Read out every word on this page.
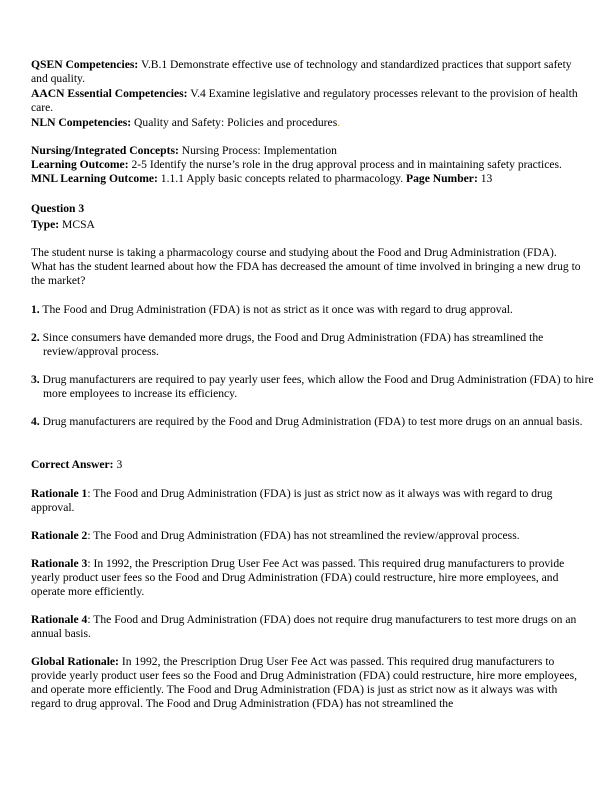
QSEN Competencies: V.B.1 Demonstrate effective use of technology and standardized practices that support safety and quality.

AACN Essential Competencies: V.4 Examine legislative and regulatory processes relevant to the provision of health care.

NLN Competencies: Quality and Safety: Policies and procedures.

Nursing/Integrated Concepts: Nursing Process: Implementation

Learning Outcome: 2-5 Identify the nurse’s role in the drug approval process and in maintaining safety practices. MNL Learning Outcome: 1.1.1 Apply basic concepts related to pharmacology. Page Number: 13

Question 3

Type: MCSA

The student nurse is taking a pharmacology course and studying about the Food and Drug Administration (FDA). What has the student learned about how the FDA has decreased the amount of time involved in bringing a new drug to the market?

1. The Food and Drug Administration (FDA) is not as strict as it once was with regard to drug approval.

2. Since consumers have demanded more drugs, the Food and Drug Administration (FDA) has streamlined the review/approval process.

3. Drug manufacturers are required to pay yearly user fees, which allow the Food and Drug Administration (FDA) to hire more employees to increase its efficiency.

4. Drug manufacturers are required by the Food and Drug Administration (FDA) to test more drugs on an annual basis.

Correct Answer: 3

Rationale 1: The Food and Drug Administration (FDA) is just as strict now as it always was with regard to drug approval.

Rationale 2: The Food and Drug Administration (FDA) has not streamlined the review/approval process.

Rationale 3: In 1992, the Prescription Drug User Fee Act was passed. This required drug manufacturers to provide yearly product user fees so the Food and Drug Administration (FDA) could restructure, hire more employees, and operate more efficiently.

Rationale 4: The Food and Drug Administration (FDA) does not require drug manufacturers to test more drugs on an annual basis.

Global Rationale: In 1992, the Prescription Drug User Fee Act was passed. This required drug manufacturers to provide yearly product user fees so the Food and Drug Administration (FDA) could restructure, hire more employees, and operate more efficiently. The Food and Drug Administration (FDA) is just as strict now as it always was with regard to drug approval. The Food and Drug Administration (FDA) has not streamlined the
